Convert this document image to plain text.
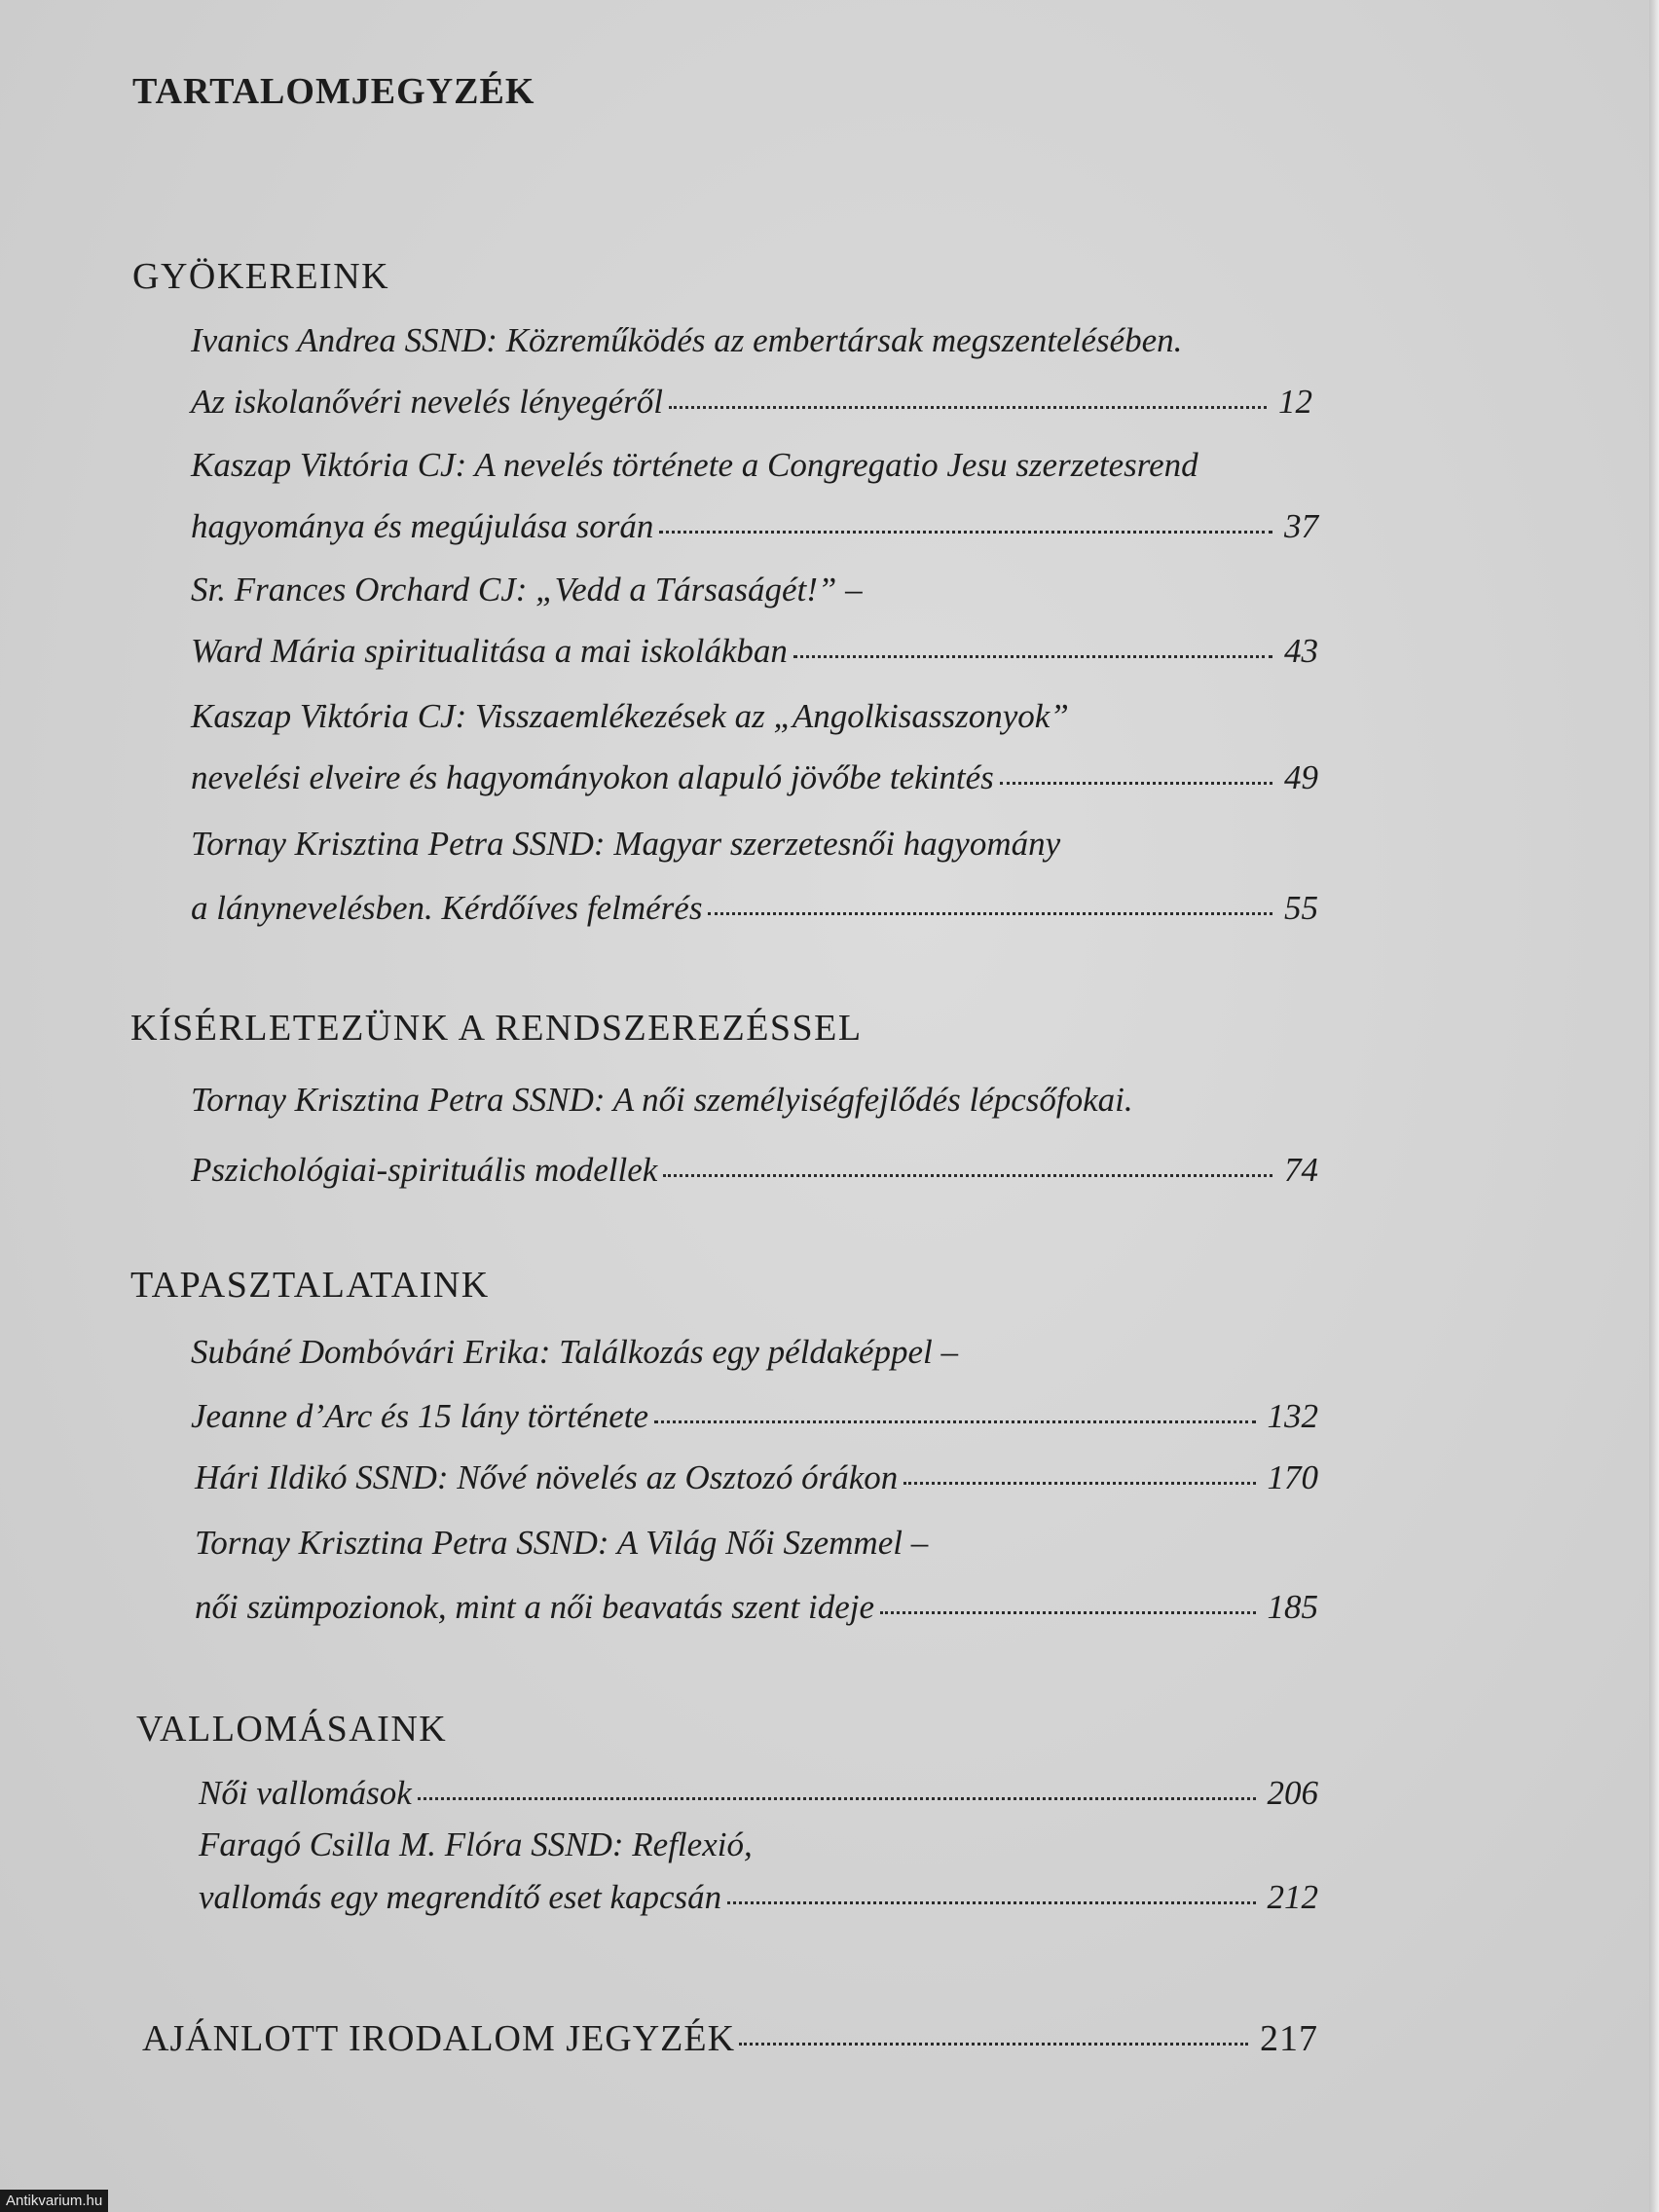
TARTALOMJEGYZÉK
GYÖKEREINK
Ivanics Andrea SSND: Közreműködés az embertársak megszentelésében.
Az iskolanővéri nevelés lényegéről	12
Kaszap Viktória CJ: A nevelés története a Congregatio Jesu szerzetesrend
hagyománya és megújulása során	37
Sr. Frances Orchard CJ: „Vedd a Társaságét!” –
Ward Mária spiritualitása a mai iskolákban	43
Kaszap Viktória CJ: Visszaemlékezések az „Angolkisasszonyok”
nevelési elveire és hagyományokon alapuló jövőbe tekintés	49
Tornay Krisztina Petra SSND: Magyar szerzetesnői hagyomány
a lánynevelésben. Kérdőíves felmérés	55
KÍSÉRLETEZÜNK A RENDSZEREZÉSSEL
Tornay Krisztina Petra SSND: A női személyiségfejlődés lépcsőfokai.
Pszichológiai-spirituális modellek	74
TAPASZTALATAINK
Subáné Dombóvári Erika: Találkozás egy példaképpel –
Jeanne d’Arc és 15 lány története	132
Hári Ildikó SSND: Nővé növelés az Osztozó órákon	170
Tornay Krisztina Petra SSND: A Világ Női Szemmel –
női szümpozionok, mint a női beavatás szent ideje	185
VALLOMÁSAINK
Női vallomások	206
Faragó Csilla M. Flóra SSND: Reflexió,
vallomás egy megrendítő eset kapcsán	212
AJÁNLOTT IRODALOM JEGYZÉK	217
Antikvarium.hu
